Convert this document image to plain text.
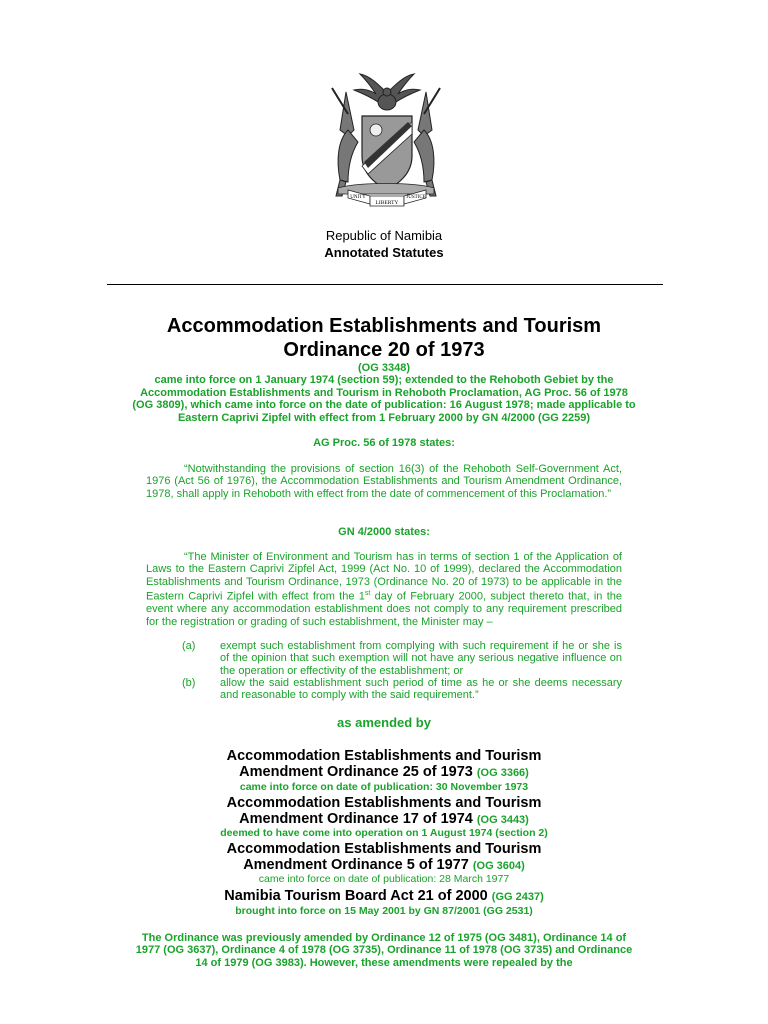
UNITY
LIBERTY
JUSTICE
Republic of Namibia
Annotated Statutes
Accommodation Establishments and Tourism
Ordinance 20 of 1973
(OG 3348)
came into force on 1 January 1974 (section 59); extended to the Rehoboth Gebiet by the
Accommodation Establishments and Tourism in Rehoboth Proclamation, AG Proc. 56 of 1978
(OG 3809), which came into force on the date of publication: 16 August 1978; made applicable to
Eastern Caprivi Zipfel with effect from 1 February 2000 by GN 4/2000 (GG 2259)
AG Proc. 56 of 1978 states:

“Notwithstanding the provisions of section 16(3) of the Rehoboth Self-Government Act, 1976 (Act 56 of 1976), the Accommodation Establishments and Tourism Amendment Ordinance, 1978, shall apply in Rehoboth with effect from the date of commencement of this Proclamation.”

GN 4/2000 states:

“The Minister of Environment and Tourism has in terms of section 1 of the Application of Laws to the Eastern Caprivi Zipfel Act, 1999 (Act No. 10 of 1999), declared the Accommodation Establishments and Tourism Ordinance, 1973 (Ordinance No. 20 of 1973) to be applicable in the Eastern Caprivi Zipfel with effect from the 1st day of February 2000, subject thereto that, in the event where any accommodation establishment does not comply to any requirement prescribed for the registration or grading of such establishment, the Minister may –

(a)	exempt such establishment from complying with such requirement if he or she is of the opinion that such exemption will not have any serious negative influence on the operation or effectivity of the establishment; or
(b)	allow the said establishment such period of time as he or she deems necessary and reasonable to comply with the said requirement.”
as amended by
Accommodation Establishments and Tourism
Amendment Ordinance 25 of 1973 (OG 3366)
came into force on date of publication: 30 November 1973
Accommodation Establishments and Tourism
Amendment Ordinance 17 of 1974 (OG 3443)
deemed to have come into operation on 1 August 1974 (section 2)
Accommodation Establishments and Tourism
Amendment Ordinance 5 of 1977 (OG 3604)
came into force on date of publication: 28 March 1977
Namibia Tourism Board Act 21 of 2000 (GG 2437)
brought into force on 15 May 2001 by GN 87/2001 (GG 2531)
The Ordinance was previously amended by Ordinance 12 of 1975 (OG 3481), Ordinance 14 of 1977 (OG 3637), Ordinance 4 of 1978 (OG 3735), Ordinance 11 of 1978 (OG 3735) and Ordinance 14 of 1979 (OG 3983). However, these amendments were repealed by the
